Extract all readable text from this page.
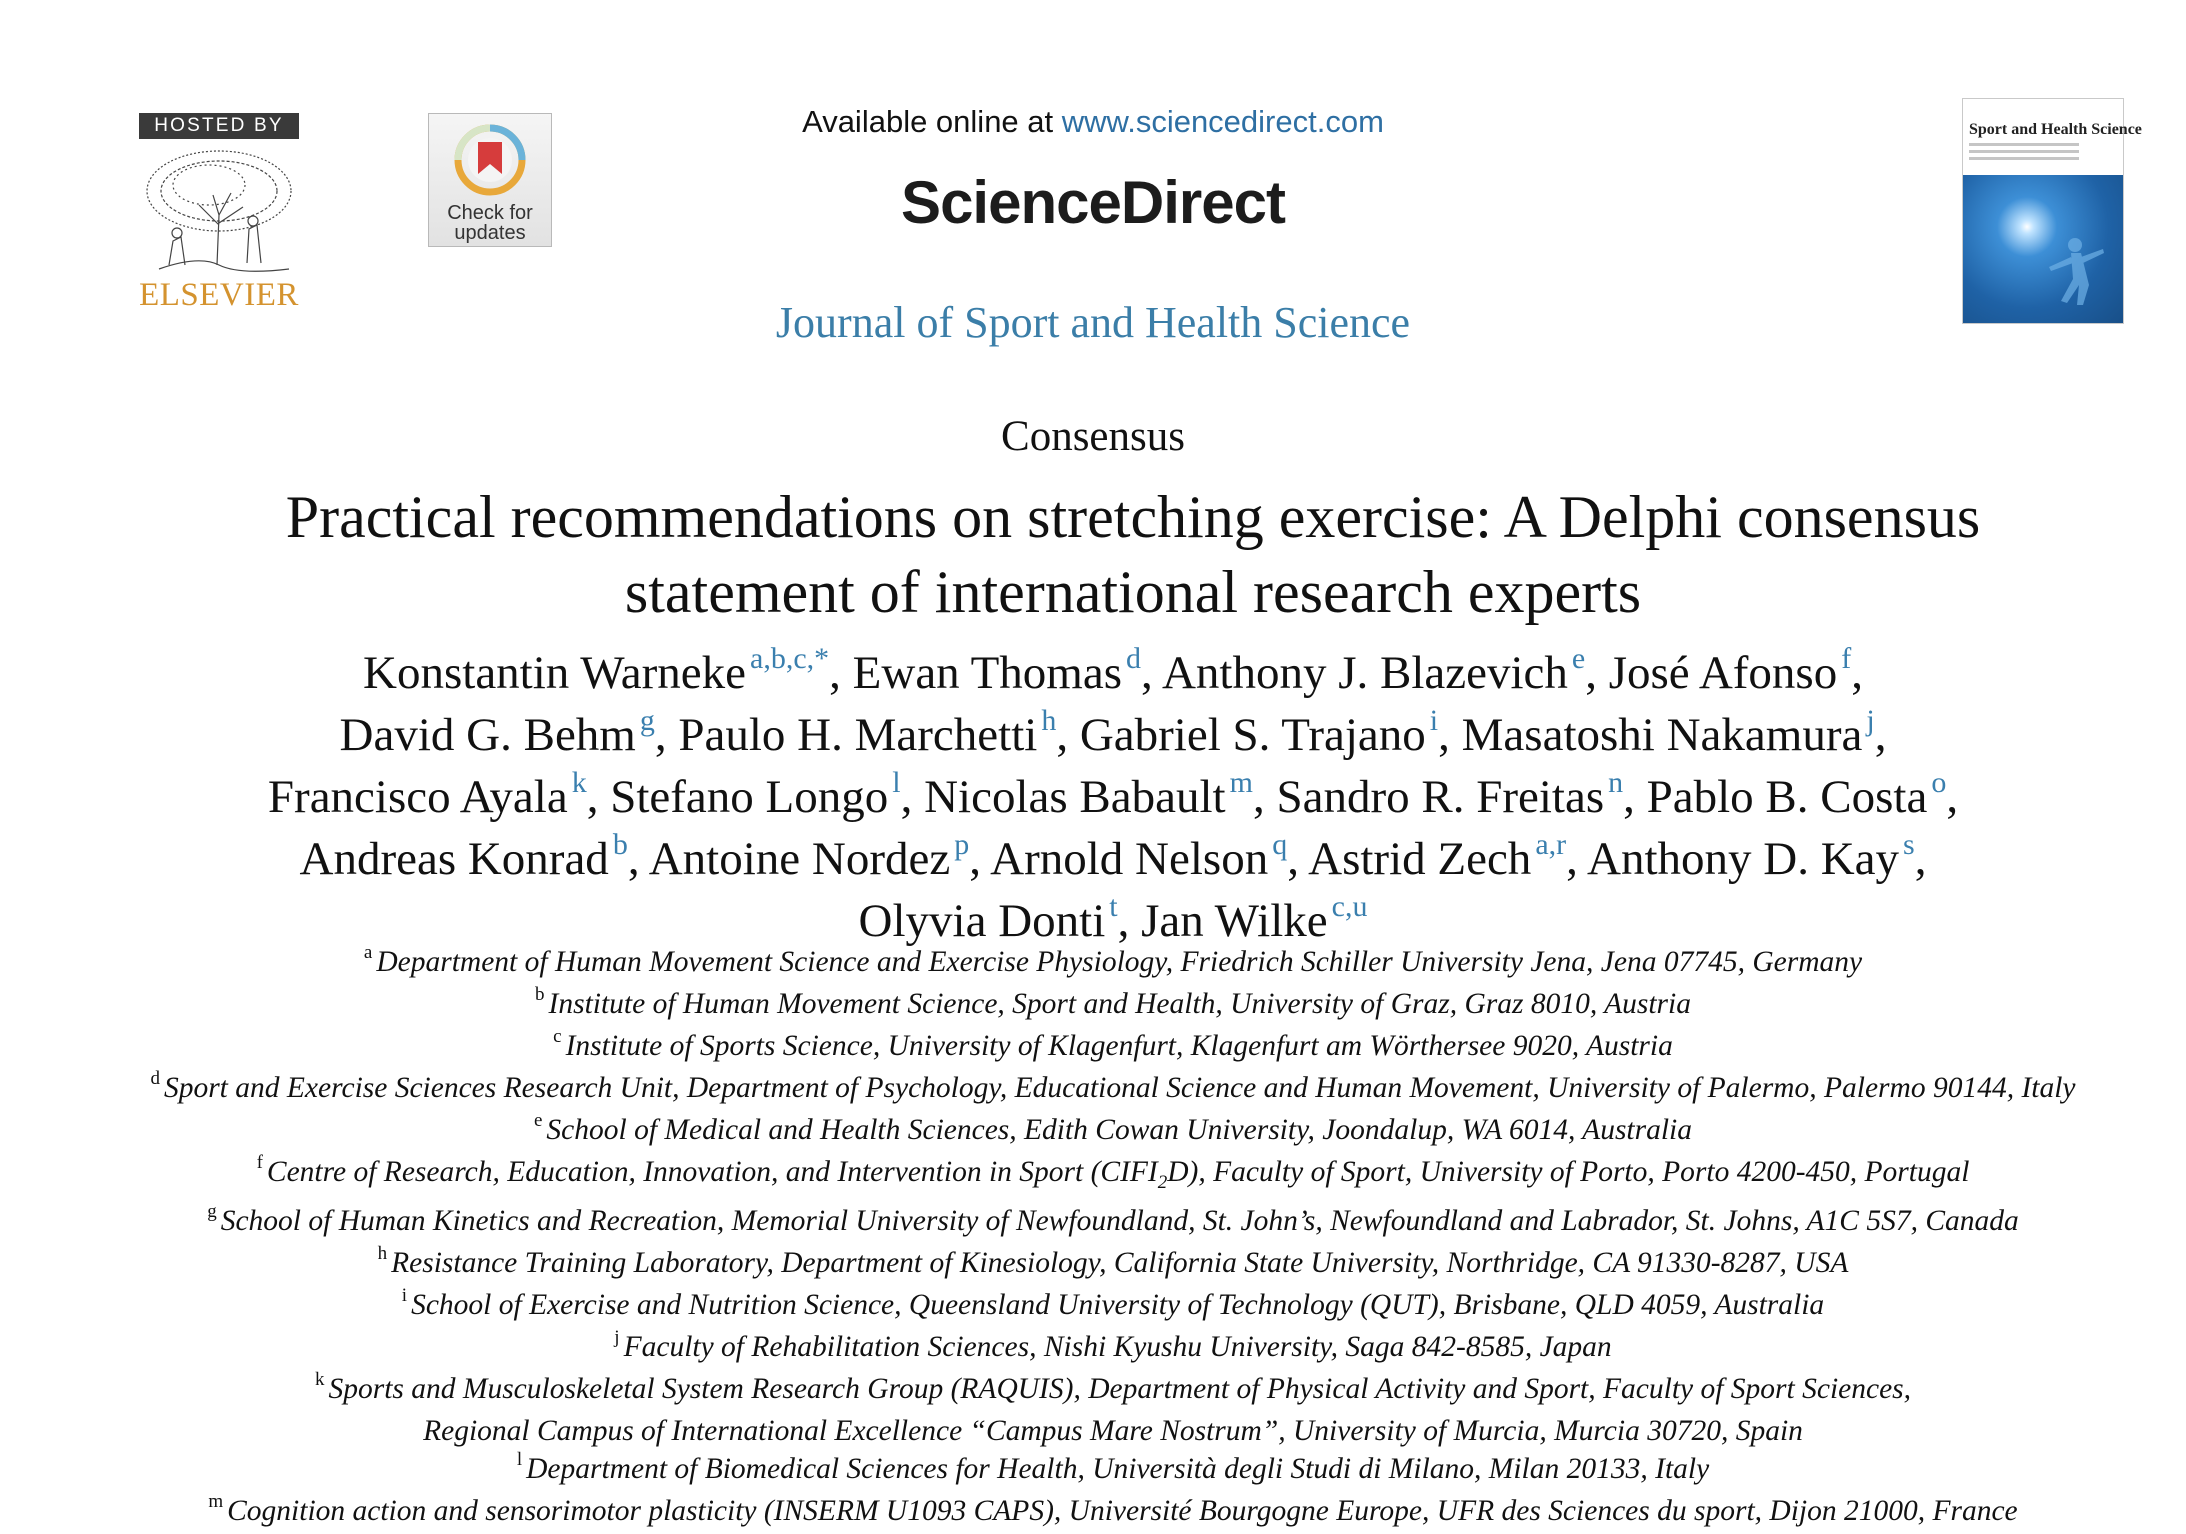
HOSTED BY
ELSEVIER
Check for
updates
Available online at www.sciencedirect.com
ScienceDirect
Journal of Sport and Health Science
Sport and Health Science
Consensus
Practical recommendations on stretching exercise: A Delphi consensus
statement of international research experts
Konstantin Warneke $^{a,b,c,*}$, Ewan Thomas $^d$, Anthony J. Blazevich $^e$, José Afonso $^f$,
David G. Behm $^g$, Paulo H. Marchetti $^h$, Gabriel S. Trajano $^i$, Masatoshi Nakamura $^j$,
Francisco Ayala $^k$, Stefano Longo $^l$, Nicolas Babault $^m$, Sandro R. Freitas $^n$, Pablo B. Costa $^o$,
Andreas Konrad $^b$, Antoine Nordez $^p$, Arnold Nelson $^q$, Astrid Zech $^{a,r}$, Anthony D. Kay $^s$,
Olyvia Donti $^t$, Jan Wilke $^{c,u}$
$^a$ Department of Human Movement Science and Exercise Physiology, Friedrich Schiller University Jena, Jena 07745, Germany
$^b$ Institute of Human Movement Science, Sport and Health, University of Graz, Graz 8010, Austria
$^c$ Institute of Sports Science, University of Klagenfurt, Klagenfurt am Wörthersee 9020, Austria
$^d$ Sport and Exercise Sciences Research Unit, Department of Psychology, Educational Science and Human Movement, University of Palermo, Palermo 90144, Italy
$^e$ School of Medical and Health Sciences, Edith Cowan University, Joondalup, WA 6014, Australia
$^f$ Centre of Research, Education, Innovation, and Intervention in Sport $(CIFI_2D)$, Faculty of Sport, University of Porto, Porto 4200-450, Portugal
$^g$ School of Human Kinetics and Recreation, Memorial University of Newfoundland, St. John’s, Newfoundland and Labrador, St. Johns, A1C 5S7, Canada
$^h$ Resistance Training Laboratory, Department of Kinesiology, California State University, Northridge, CA 91330-8287, USA
$^i$ School of Exercise and Nutrition Science, Queensland University of Technology (QUT), Brisbane, QLD 4059, Australia
$^j$ Faculty of Rehabilitation Sciences, Nishi Kyushu University, Saga 842-8585, Japan
$^k$ Sports and Musculoskeletal System Research Group (RAQUIS), Department of Physical Activity and Sport, Faculty of Sport Sciences,
Regional Campus of International Excellence “Campus Mare Nostrum”, University of Murcia, Murcia 30720, Spain
$^l$ Department of Biomedical Sciences for Health, Università degli Studi di Milano, Milan 20133, Italy
$^m$ Cognition action and sensorimotor plasticity (INSERM U1093 CAPS), Université Bourgogne Europe, UFR des Sciences du sport, Dijon 21000, France
